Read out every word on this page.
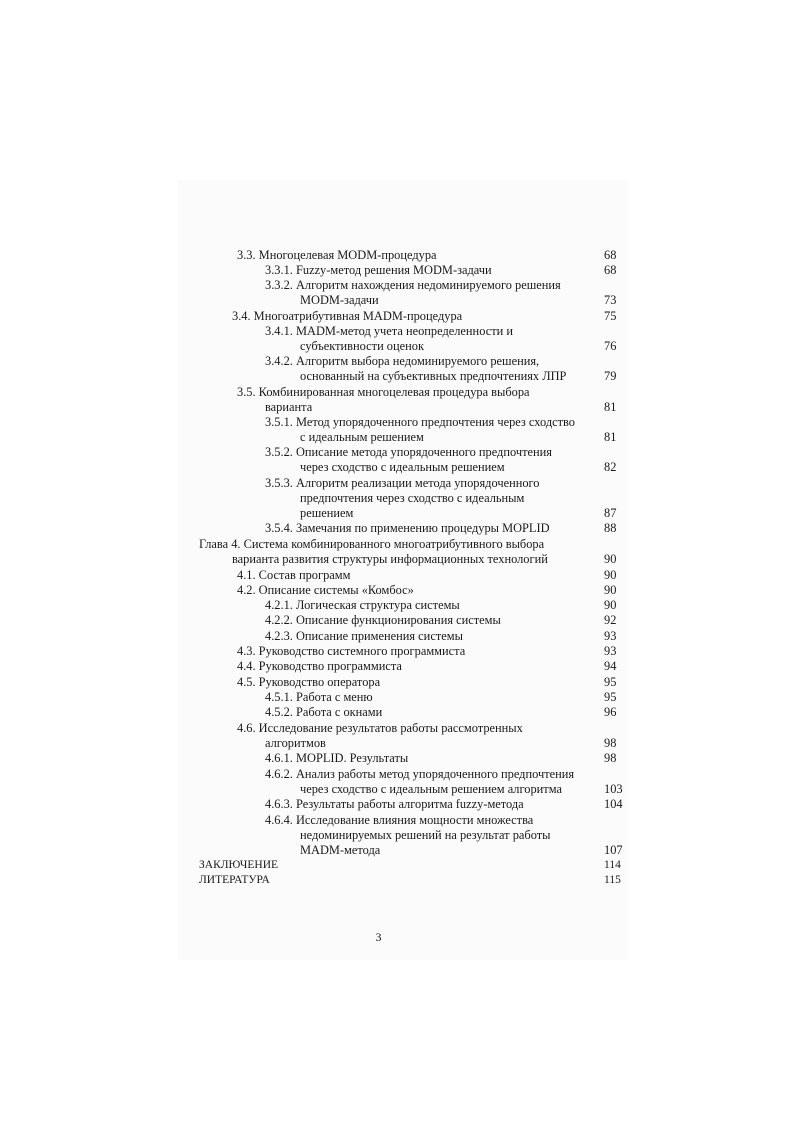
3.3. Многоцелевая MODM-процедура	68
3.3.1. Fuzzy-метод решения MODM-задачи	68
3.3.2. Алгоритм нахождения недоминируемого решения
MODM-задачи	73
3.4. Многоатрибутивная MADM-процедура	75
3.4.1. MADM-метод учета неопределенности и
субъективности оценок	76
3.4.2. Алгоритм выбора недоминируемого решения,
основанный на субъективных предпочтениях ЛПР	79
3.5. Комбинированная многоцелевая процедура выбора
варианта	81
3.5.1. Метод упорядоченного предпочтения через сходство
с идеальным решением	81
3.5.2. Описание метода упорядоченного предпочтения
через сходство с идеальным решением	82
3.5.3. Алгоритм реализации метода упорядоченного
предпочтения через сходство с идеальным
решением	87
3.5.4. Замечания по применению процедуры MOPLID	88
Глава 4. Система комбинированного многоатрибутивного выбора
варианта развития структуры информационных технологий	90
4.1. Состав программ	90
4.2. Описание системы «Комбос»	90
4.2.1. Логическая структура системы	90
4.2.2. Описание функционирования системы	92
4.2.3. Описание применения системы	93
4.3. Руководство системного программиста	93
4.4. Руководство программиста	94
4.5. Руководство оператора	95
4.5.1. Работа с меню	95
4.5.2. Работа с окнами	96
4.6. Исследование результатов работы рассмотренных
алгоритмов	98
4.6.1. MOPLID. Результаты	98
4.6.2. Анализ работы метод упорядоченного предпочтения
через сходство с идеальным решением алгоритма	103
4.6.3. Результаты работы алгоритма fuzzy-метода	104
4.6.4. Исследование влияния мощности множества
недоминируемых решений на результат работы
MADM-метода	107
ЗАКЛЮЧЕНИЕ	114
ЛИТЕРАТУРА	115
3
